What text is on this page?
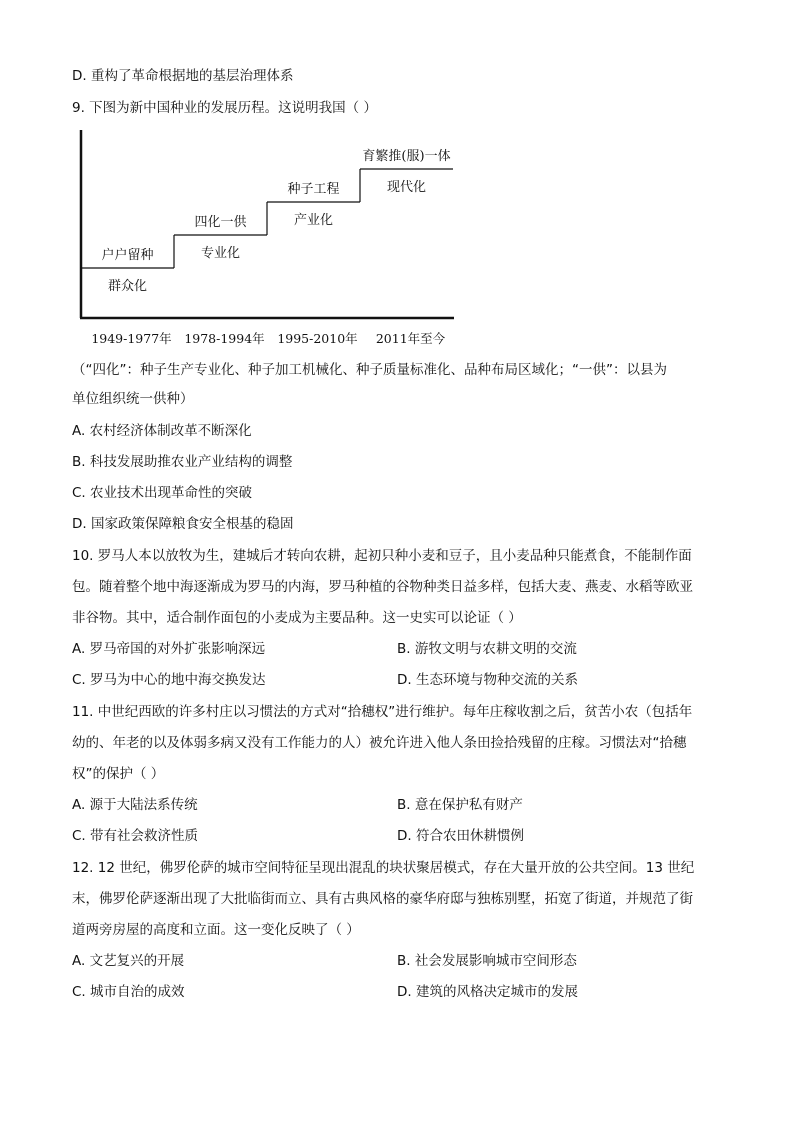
D. 重构了革命根据地的基层治理体系
9. 下图为新中国种业的发展历程。这说明我国（ ）
户户留种
群众化
四化一供
专业化
种子工程
产业化
育繁推(服)一体
现代化
1949-1977年 1978-1994年 1995-2010年 2011年至今
（“四化”：种子生产专业化、种子加工机械化、种子质量标准化、品种布局区域化；“一供”：以县为
单位组织统一供种）
A. 农村经济体制改革不断深化
B. 科技发展助推农业产业结构的调整
C. 农业技术出现革命性的突破
D. 国家政策保障粮食安全根基的稳固
10. 罗马人本以放牧为生，建城后才转向农耕，起初只种小麦和豆子，且小麦品种只能煮食，不能制作面
包。随着整个地中海逐渐成为罗马的内海，罗马种植的谷物种类日益多样，包括大麦、燕麦、水稻等欧亚
非谷物。其中，适合制作面包的小麦成为主要品种。这一史实可以论证（ ）
A. 罗马帝国的对外扩张影响深远	B. 游牧文明与农耕文明的交流
C. 罗马为中心的地中海交换发达	D. 生态环境与物种交流的关系
11. 中世纪西欧的许多村庄以习惯法的方式对“拾穗权”进行维护。每年庄稼收割之后，贫苦小农（包括年
幼的、年老的以及体弱多病又没有工作能力的人）被允许进入他人条田捡拾残留的庄稼。习惯法对“拾穗
权”的保护（ ）
A. 源于大陆法系传统	B. 意在保护私有财产
C. 带有社会救济性质	D. 符合农田休耕惯例
12. 12 世纪，佛罗伦萨的城市空间特征呈现出混乱的块状聚居模式，存在大量开放的公共空间。13 世纪
末，佛罗伦萨逐渐出现了大批临街而立、具有古典风格的豪华府邸与独栋别墅，拓宽了街道，并规范了街
道两旁房屋的高度和立面。这一变化反映了（ ）
A. 文艺复兴的开展	B. 社会发展影响城市空间形态
C. 城市自治的成效	D. 建筑的风格决定城市的发展
